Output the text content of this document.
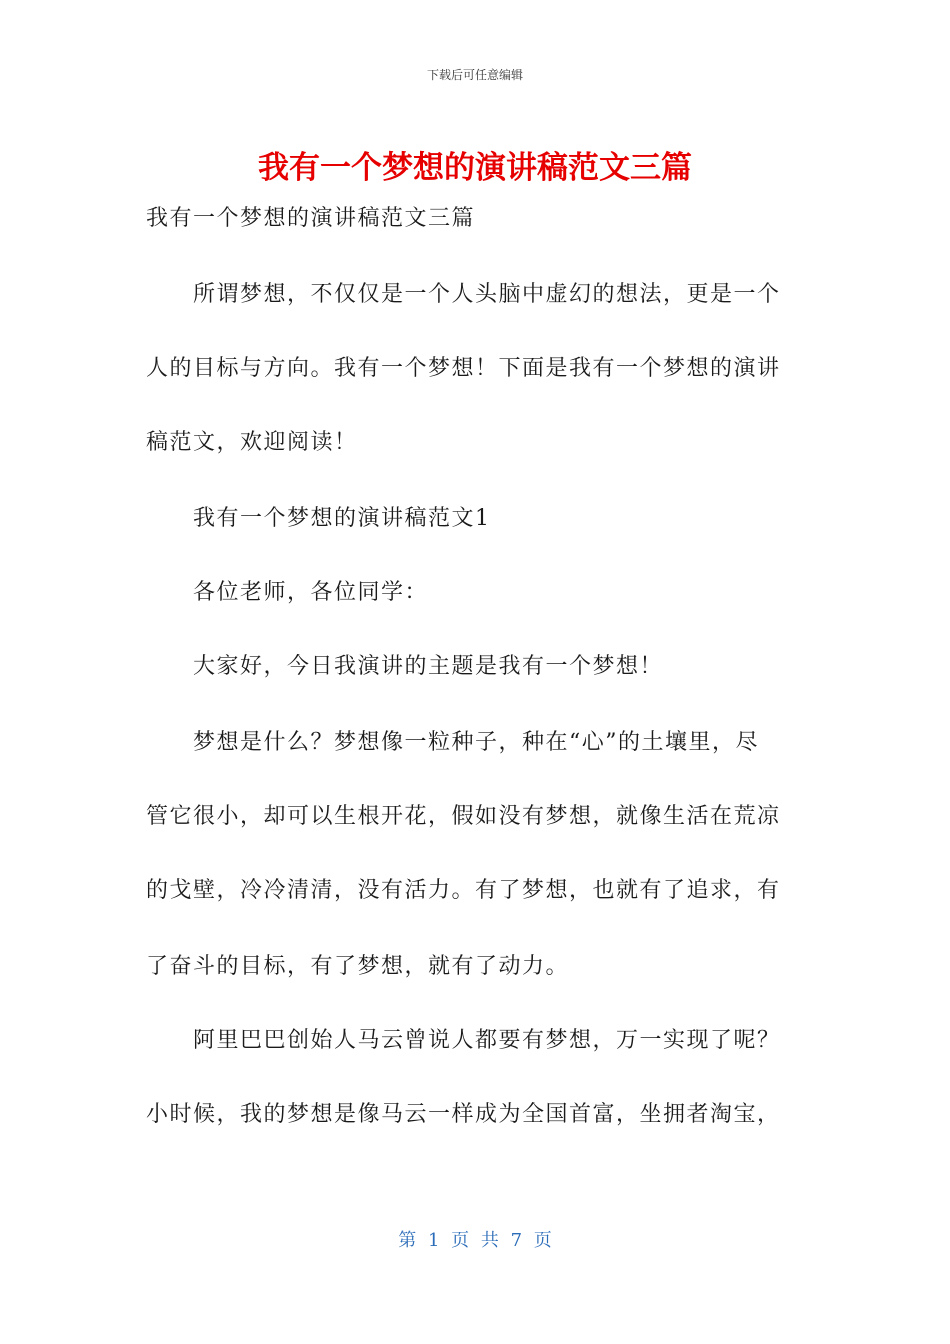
下载后可任意编辑
我有一个梦想的演讲稿范文三篇
我有一个梦想的演讲稿范文三篇
所谓梦想，不仅仅是一个人头脑中虚幻的想法，更是一个
人的目标与方向。我有一个梦想！下面是我有一个梦想的演讲
稿范文，欢迎阅读！
我有一个梦想的演讲稿范文1
各位老师，各位同学：
大家好，今日我演讲的主题是我有一个梦想！
梦想是什么？梦想像一粒种子，种在“心”的土壤里，尽
管它很小，却可以生根开花，假如没有梦想，就像生活在荒凉
的戈壁，冷冷清清，没有活力。有了梦想，也就有了追求，有
了奋斗的目标，有了梦想，就有了动力。
阿里巴巴创始人马云曾说人都要有梦想，万一实现了呢？
小时候，我的梦想是像马云一样成为全国首富，坐拥者淘宝，
第 1 页 共 7 页
